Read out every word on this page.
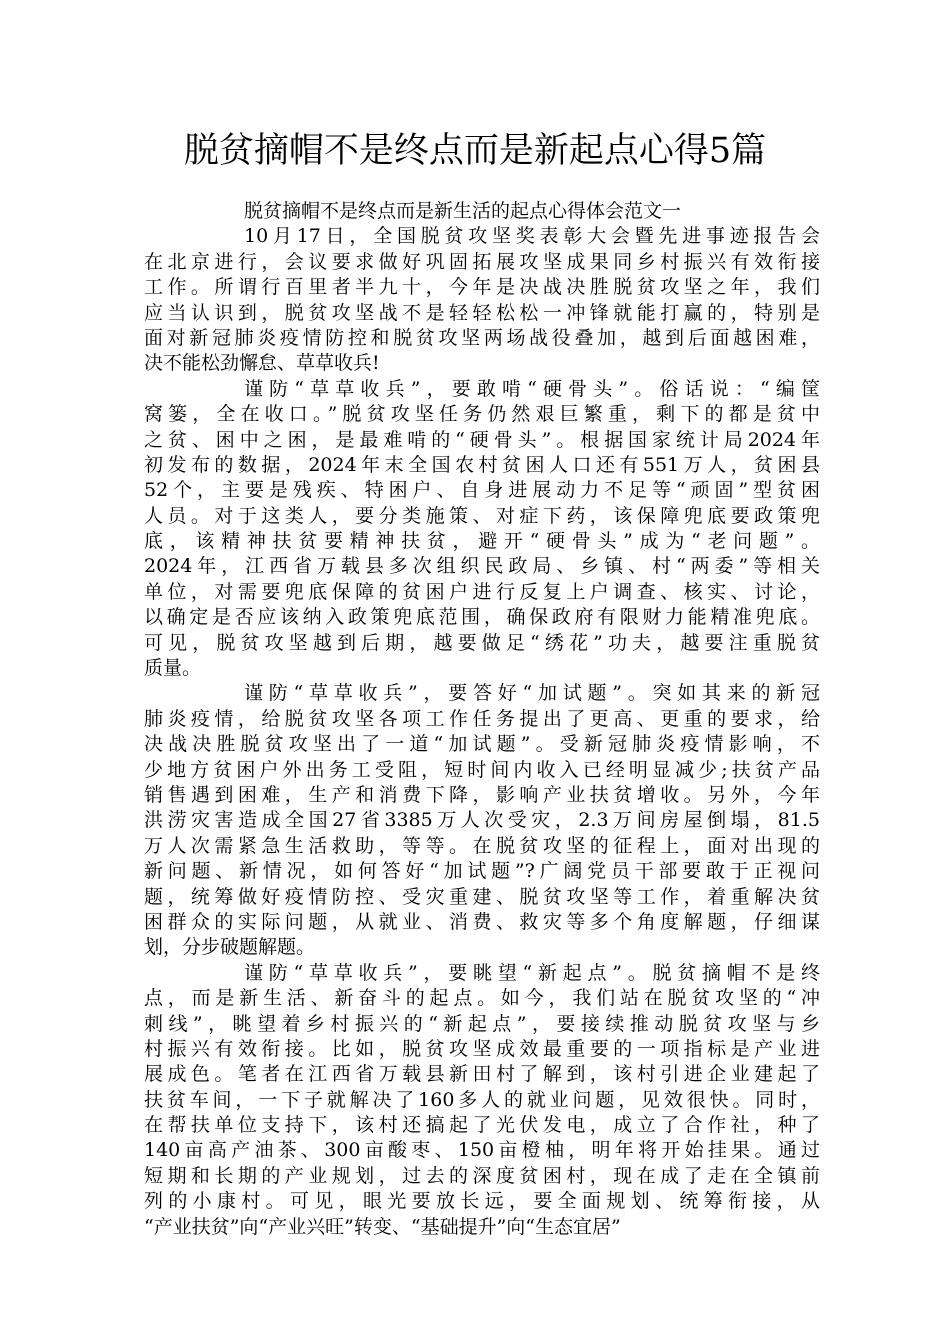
脱贫摘帽不是终点而是新起点心得5篇
脱贫摘帽不是终点而是新生活的起点心得体会范文一
10月17日，全国脱贫攻坚奖表彰大会暨先进事迹报告会
在北京进行，会议要求做好巩固拓展攻坚成果同乡村振兴有效衔接
工作。所谓行百里者半九十，今年是决战决胜脱贫攻坚之年，我们
应当认识到，脱贫攻坚战不是轻轻松松一冲锋就能打赢的，特别是
面对新冠肺炎疫情防控和脱贫攻坚两场战役叠加，越到后面越困难，
决不能松劲懈怠、草草收兵!
谨防“草草收兵”，要敢啃“硬骨头”。俗话说：“编筐
窝篓，全在收口。”脱贫攻坚任务仍然艰巨繁重，剩下的都是贫中
之贫、困中之困，是最难啃的“硬骨头”。根据国家统计局2024年
初发布的数据，2024年末全国农村贫困人口还有551万人，贫困县
52个，主要是残疾、特困户、自身进展动力不足等“顽固”型贫困
人员。对于这类人，要分类施策、对症下药，该保障兜底要政策兜
底，该精神扶贫要精神扶贫，避开“硬骨头”成为“老问题”。
2024年，江西省万载县多次组织民政局、乡镇、村“两委”等相关
单位，对需要兜底保障的贫困户进行反复上户调查、核实、讨论，
以确定是否应该纳入政策兜底范围，确保政府有限财力能精准兜底。
可见，脱贫攻坚越到后期，越要做足“绣花”功夫，越要注重脱贫
质量。
谨防“草草收兵”，要答好“加试题”。突如其来的新冠
肺炎疫情，给脱贫攻坚各项工作任务提出了更高、更重的要求，给
决战决胜脱贫攻坚出了一道“加试题”。受新冠肺炎疫情影响，不
少地方贫困户外出务工受阻，短时间内收入已经明显减少;扶贫产品
销售遇到困难，生产和消费下降，影响产业扶贫增收。另外，今年
洪涝灾害造成全国27省3385万人次受灾，2.3万间房屋倒塌，81.5
万人次需紧急生活救助，等等。在脱贫攻坚的征程上，面对出现的
新问题、新情况，如何答好“加试题”?广阔党员干部要敢于正视问
题，统筹做好疫情防控、受灾重建、脱贫攻坚等工作，着重解决贫
困群众的实际问题，从就业、消费、救灾等多个角度解题，仔细谋
划，分步破题解题。
谨防“草草收兵”，要眺望“新起点”。脱贫摘帽不是终
点，而是新生活、新奋斗的起点。如今，我们站在脱贫攻坚的“冲
刺线”，眺望着乡村振兴的“新起点”，要接续推动脱贫攻坚与乡
村振兴有效衔接。比如，脱贫攻坚成效最重要的一项指标是产业进
展成色。笔者在江西省万载县新田村了解到，该村引进企业建起了
扶贫车间，一下子就解决了160多人的就业问题，见效很快。同时，
在帮扶单位支持下，该村还搞起了光伏发电，成立了合作社，种了
140亩高产油茶、300亩酸枣、150亩橙柚，明年将开始挂果。通过
短期和长期的产业规划，过去的深度贫困村，现在成了走在全镇前
列的小康村。可见，眼光要放长远，要全面规划、统筹衔接，从
“产业扶贫”向“产业兴旺”转变、“基础提升”向“生态宜居”
